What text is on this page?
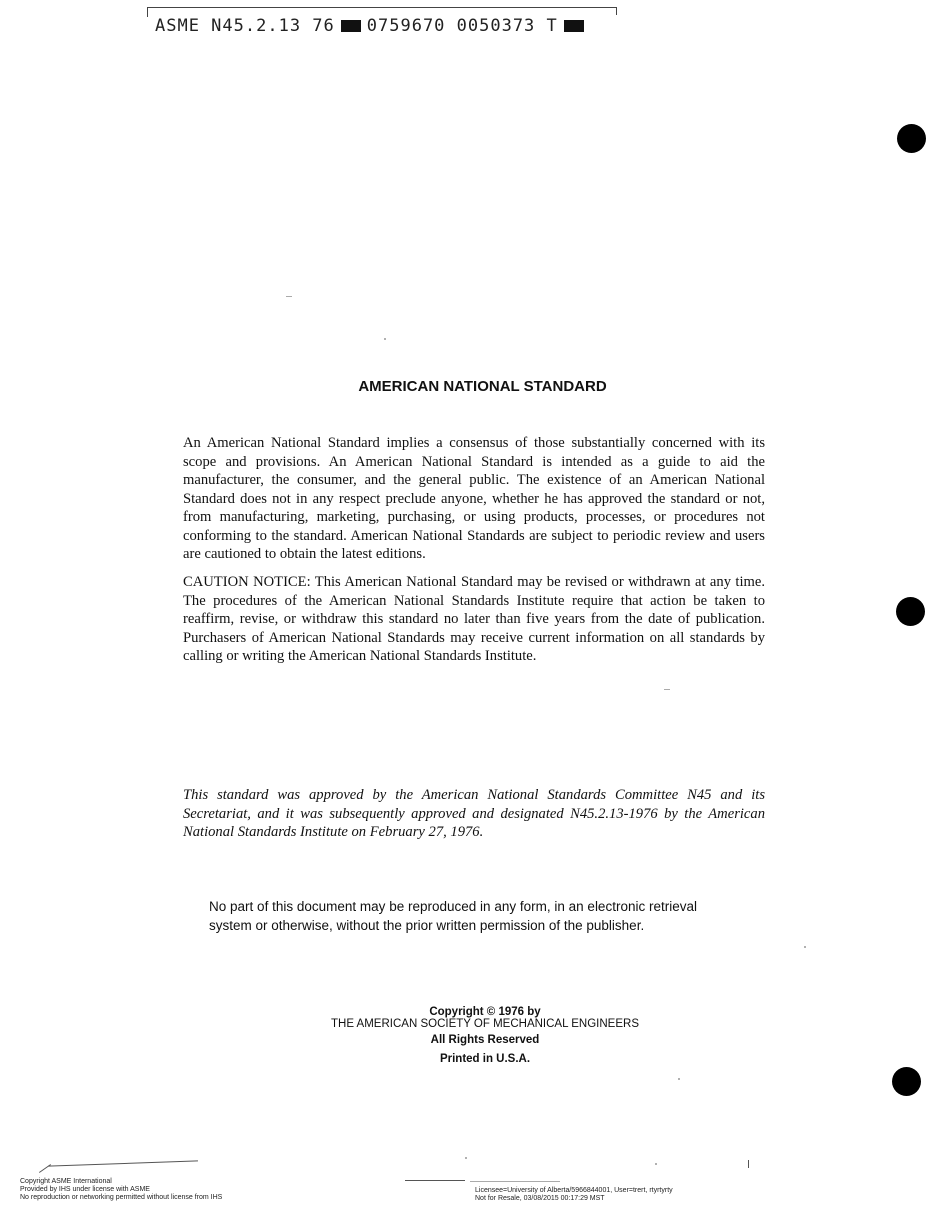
ASME N45.2.13 76 0759670 0050373 T
AMERICAN NATIONAL STANDARD
An American National Standard implies a consensus of those substantially concerned with its scope and provisions. An American National Standard is intended as a guide to aid the manufacturer, the consumer, and the general public. The existence of an American National Standard does not in any respect preclude anyone, whether he has approved the standard or not, from manufacturing, marketing, purchasing, or using products, processes, or procedures not conforming to the standard. American National Standards are subject to periodic review and users are cautioned to obtain the latest editions.
CAUTION NOTICE: This American National Standard may be revised or withdrawn at any time. The procedures of the American National Standards Institute require that action be taken to reaffirm, revise, or withdraw this standard no later than five years from the date of publication. Purchasers of American National Standards may receive current information on all standards by calling or writing the American National Standards Institute.
This standard was approved by the American National Standards Committee N45 and its Secretariat, and it was subsequently approved and designated N45.2.13-1976 by the American National Standards Institute on February 27, 1976.
No part of this document may be reproduced in any form, in an electronic retrieval system or otherwise, without the prior written permission of the publisher.
Copyright © 1976 by
THE AMERICAN SOCIETY OF MECHANICAL ENGINEERS
All Rights Reserved
Printed in U.S.A.
Copyright ASME International
Provided by IHS under license with ASME
No reproduction or networking permitted without license from IHS
Licensee=University of Alberta/5966844001, User=trert, rtyrtyrty
Not for Resale, 03/08/2015 00:17:29 MST
